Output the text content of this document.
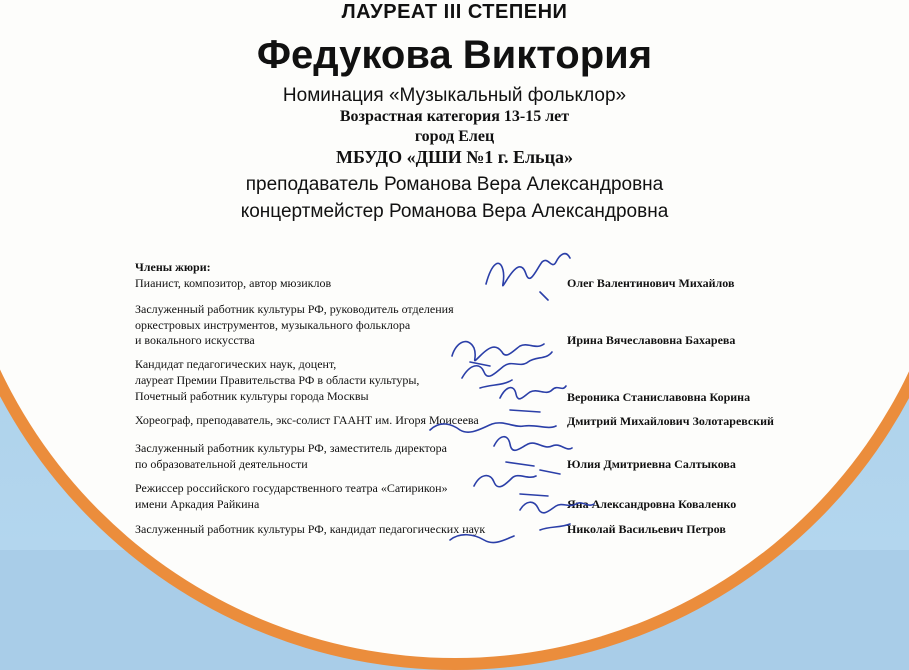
ЛАУРЕАТ III СТЕПЕНИ
Федукова Виктория
Номинация «Музыкальный фольклор»
Возрастная категория 13-15 лет
город Елец
МБУДО «ДШИ №1 г. Ельца»
преподаватель Романова Вера Александровна
концертмейстер Романова Вера Александровна
Члены жюри:
Пианист, композитор, автор мюзиклов	Олег Валентинович Михайлов
Заслуженный работник культуры РФ, руководитель отделения
оркестровых инструментов, музыкального фольклора
и вокального искусства	Ирина Вячеславовна Бахарева
Кандидат педагогических наук, доцент,
лауреат Премии Правительства РФ в области культуры,
Почетный работник культуры города Москвы	Вероника Станиславовна Корина
Хореограф, преподаватель, экс-солист ГААНТ им. Игоря Моисеева	Дмитрий Михайлович Золотаревский
Заслуженный работник культуры РФ, заместитель директора
по образовательной деятельности	Юлия Дмитриевна Салтыкова
Режиссер российского государственного театра «Сатирикон»
имени Аркадия Райкина	Яна Александровна Коваленко
Заслуженный работник культуры РФ, кандидат педагогических наук	Николай Васильевич Петров
